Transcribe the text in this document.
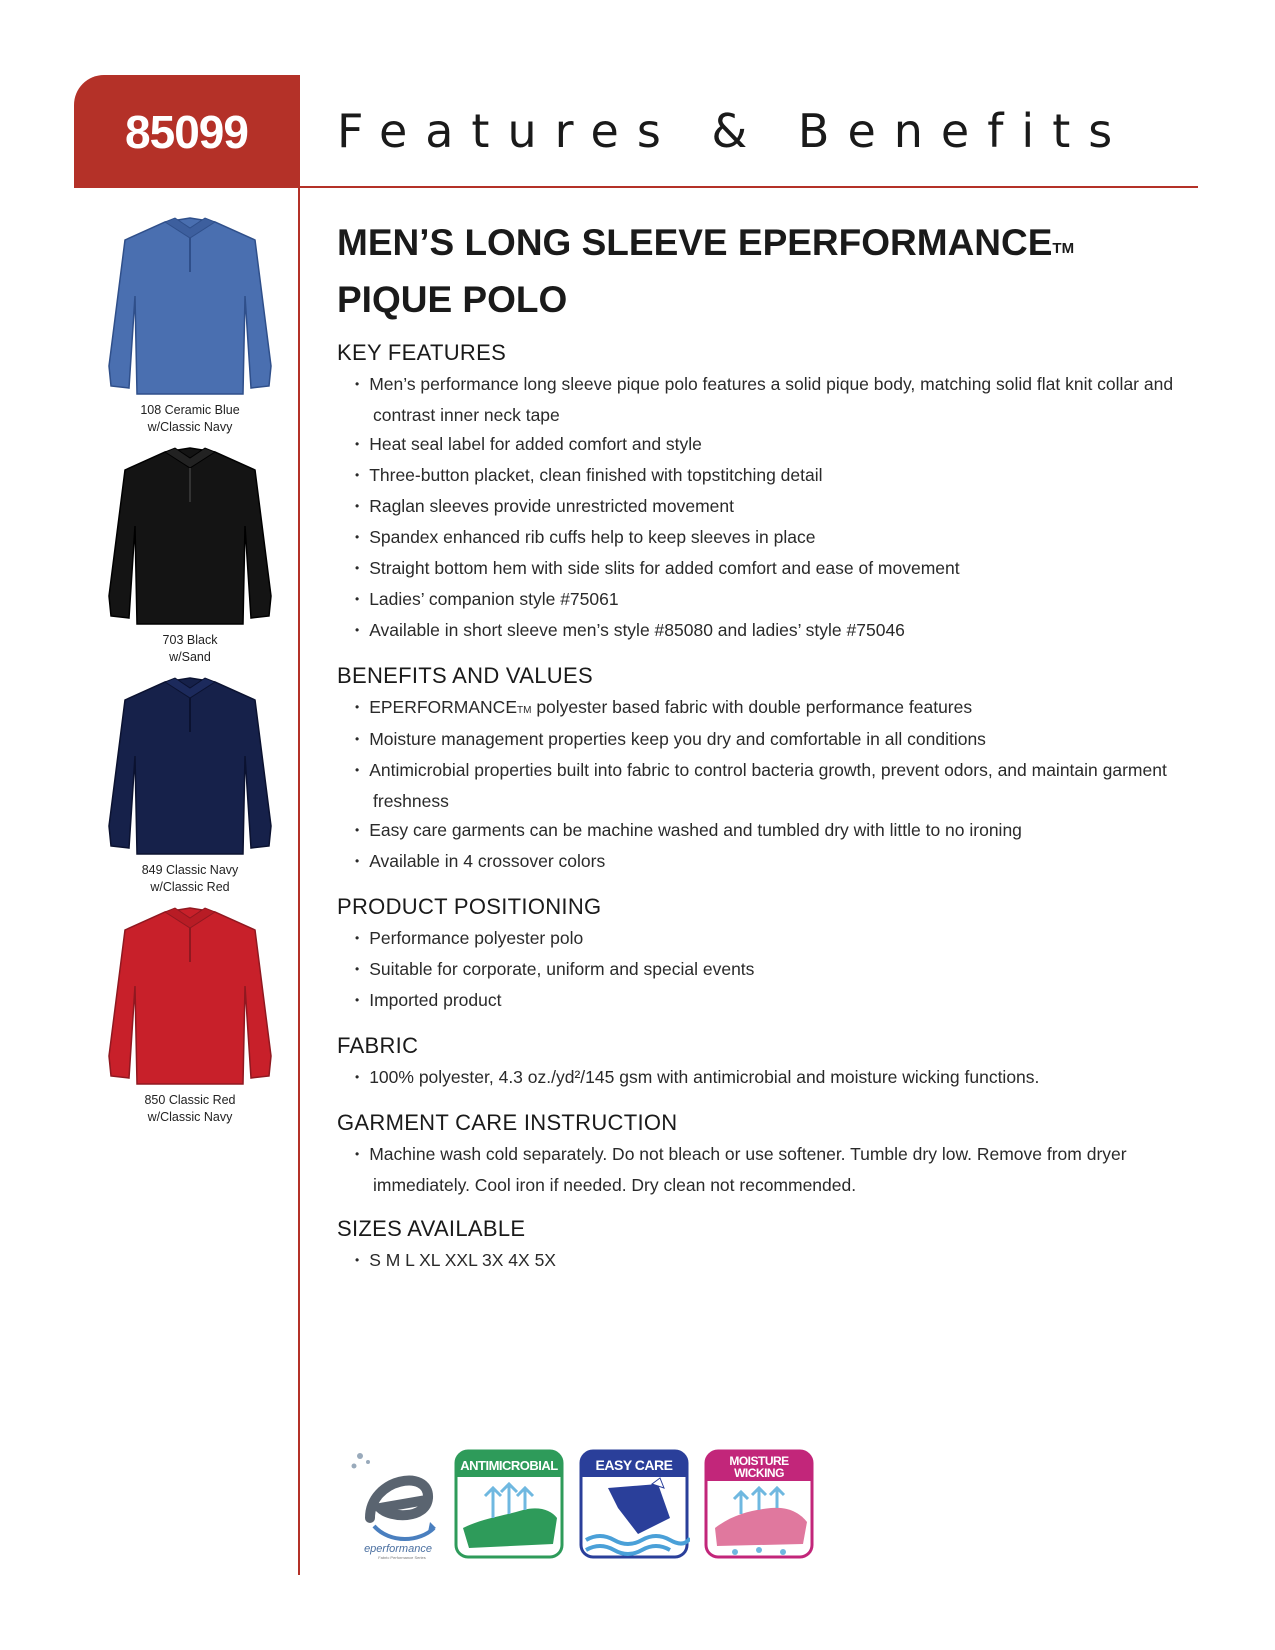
85099	Features & Benefits
108 Ceramic Blue
w/Classic Navy
703 Black
w/Sand
849 Classic Navy
w/Classic Red
850 Classic Red
w/Classic Navy
MEN’S LONG SLEEVE EPERFORMANCE™
PIQUE POLO
KEY FEATURES
• Men’s performance long sleeve pique polo features a solid pique body, matching solid flat knit collar and contrast inner neck tape
• Heat seal label for added comfort and style
• Three-button placket, clean finished with topstitching detail
• Raglan sleeves provide unrestricted movement
• Spandex enhanced rib cuffs help to keep sleeves in place
• Straight bottom hem with side slits for added comfort and ease of movement
• Ladies’ companion style #75061
• Available in short sleeve men’s style #85080 and ladies’ style #75046
BENEFITS AND VALUES
• EPERFORMANCETM polyester based fabric with double performance features
• Moisture management properties keep you dry and comfortable in all conditions
• Antimicrobial properties built into fabric to control bacteria growth, prevent odors, and maintain garment freshness
• Easy care garments can be machine washed and tumbled dry with little to no ironing
• Available in 4 crossover colors
PRODUCT POSITIONING
• Performance polyester polo
• Suitable for corporate, uniform and special events
• Imported product
FABRIC
• 100% polyester, 4.3 oz./yd²/145 gsm with antimicrobial and moisture wicking functions.
GARMENT CARE INSTRUCTION
• Machine wash cold separately. Do not bleach or use softener. Tumble dry low. Remove from dryer immediately. Cool iron if needed. Dry clean not recommended.
SIZES AVAILABLE
• S M L XL XXL 3X 4X 5X
eperformance
Fabric Performance Series
ANTIMICROBIAL	EASY CARE	MOISTURE
WICKING
